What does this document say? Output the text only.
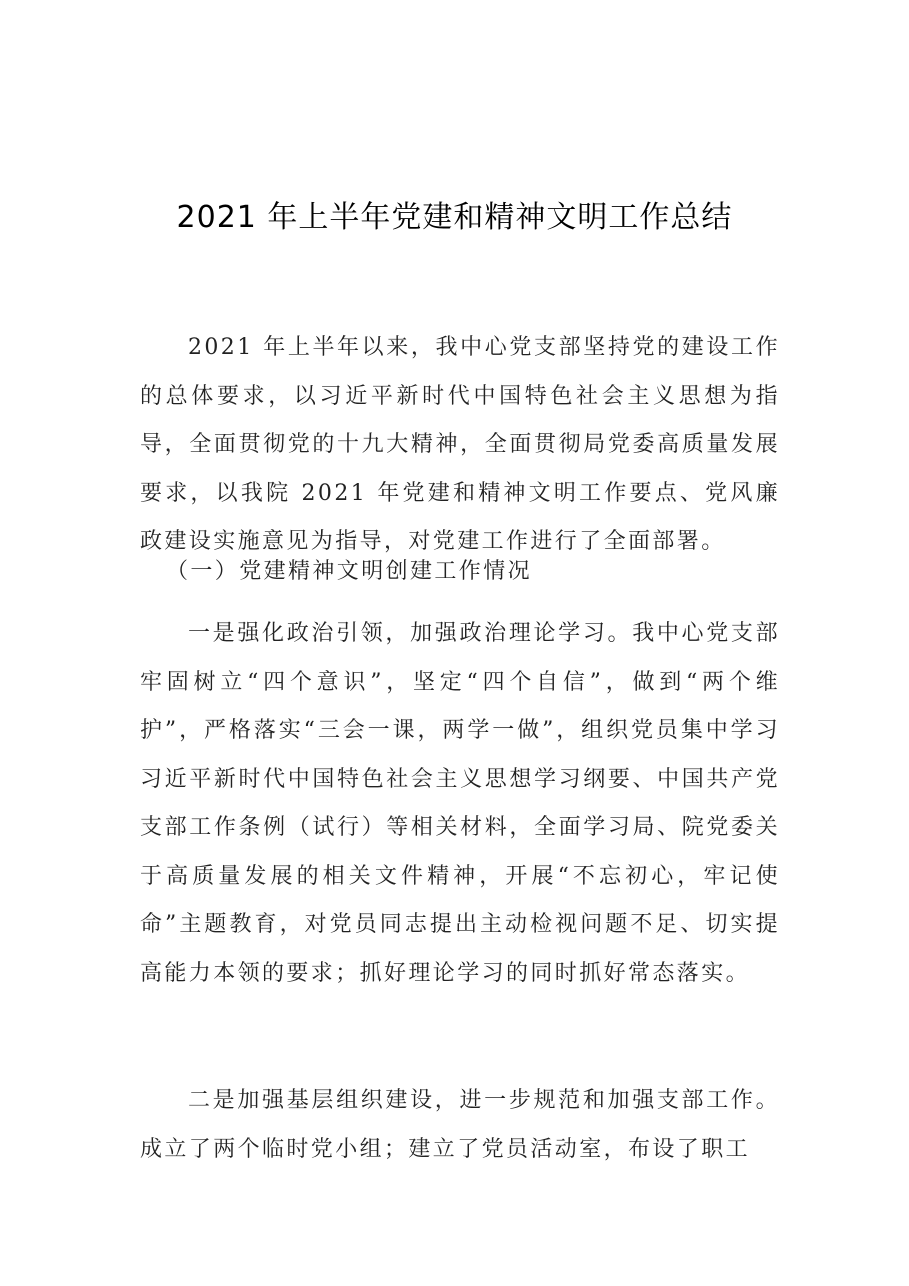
2021 年上半年党建和精神文明工作总结

2021 年上半年以来，我中心党支部坚持党的建设工作的总体要求，以习近平新时代中国特色社会主义思想为指导，全面贯彻党的十九大精神，全面贯彻局党委高质量发展要求，以我院 2021 年党建和精神文明工作要点、党风廉政建设实施意见为指导，对党建工作进行了全面部署。

（一）党建精神文明创建工作情况

一是强化政治引领，加强政治理论学习。我中心党支部牢固树立“四个意识”，坚定“四个自信”，做到“两个维护”，严格落实“三会一课，两学一做”，组织党员集中学习习近平新时代中国特色社会主义思想学习纲要、中国共产党支部工作条例（试行）等相关材料，全面学习局、院党委关于高质量发展的相关文件精神，开展“不忘初心，牢记使命”主题教育，对党员同志提出主动检视问题不足、切实提高能力本领的要求；抓好理论学习的同时抓好常态落实。

二是加强基层组织建设，进一步规范和加强支部工作。成立了两个临时党小组；建立了党员活动室，布设了职工
